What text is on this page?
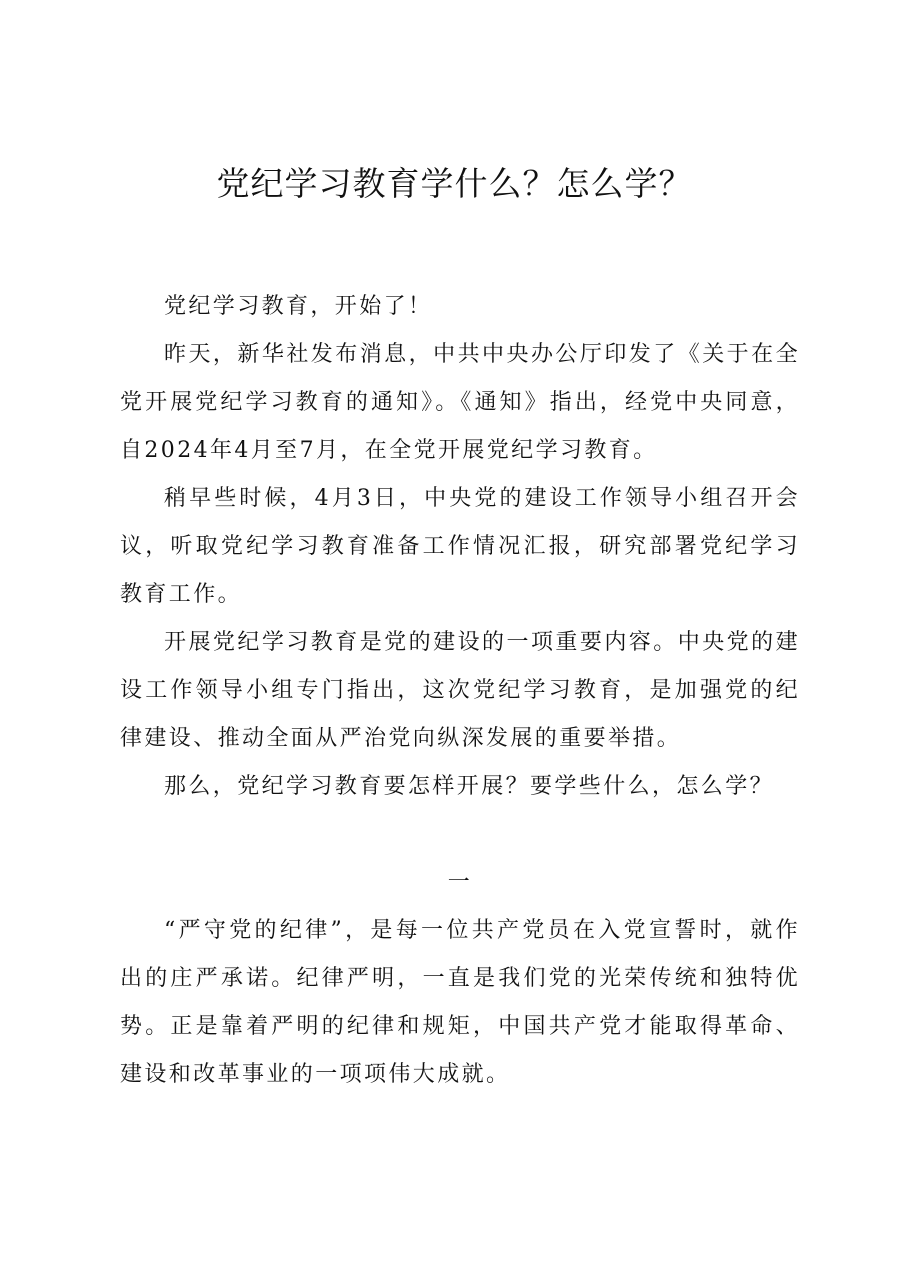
党纪学习教育学什么？怎么学？

党纪学习教育，开始了！

昨天，新华社发布消息，中共中央办公厅印发了《关于在全党开展党纪学习教育的通知》。《通知》指出，经党中央同意，自2024年4月至7月，在全党开展党纪学习教育。

稍早些时候，4月3日，中央党的建设工作领导小组召开会议，听取党纪学习教育准备工作情况汇报，研究部署党纪学习教育工作。

开展党纪学习教育是党的建设的一项重要内容。中央党的建设工作领导小组专门指出，这次党纪学习教育，是加强党的纪律建设、推动全面从严治党向纵深发展的重要举措。

那么，党纪学习教育要怎样开展？要学些什么，怎么学？

一

“严守党的纪律”，是每一位共产党员在入党宣誓时，就作出的庄严承诺。纪律严明，一直是我们党的光荣传统和独特优势。正是靠着严明的纪律和规矩，中国共产党才能取得革命、建设和改革事业的一项项伟大成就。
